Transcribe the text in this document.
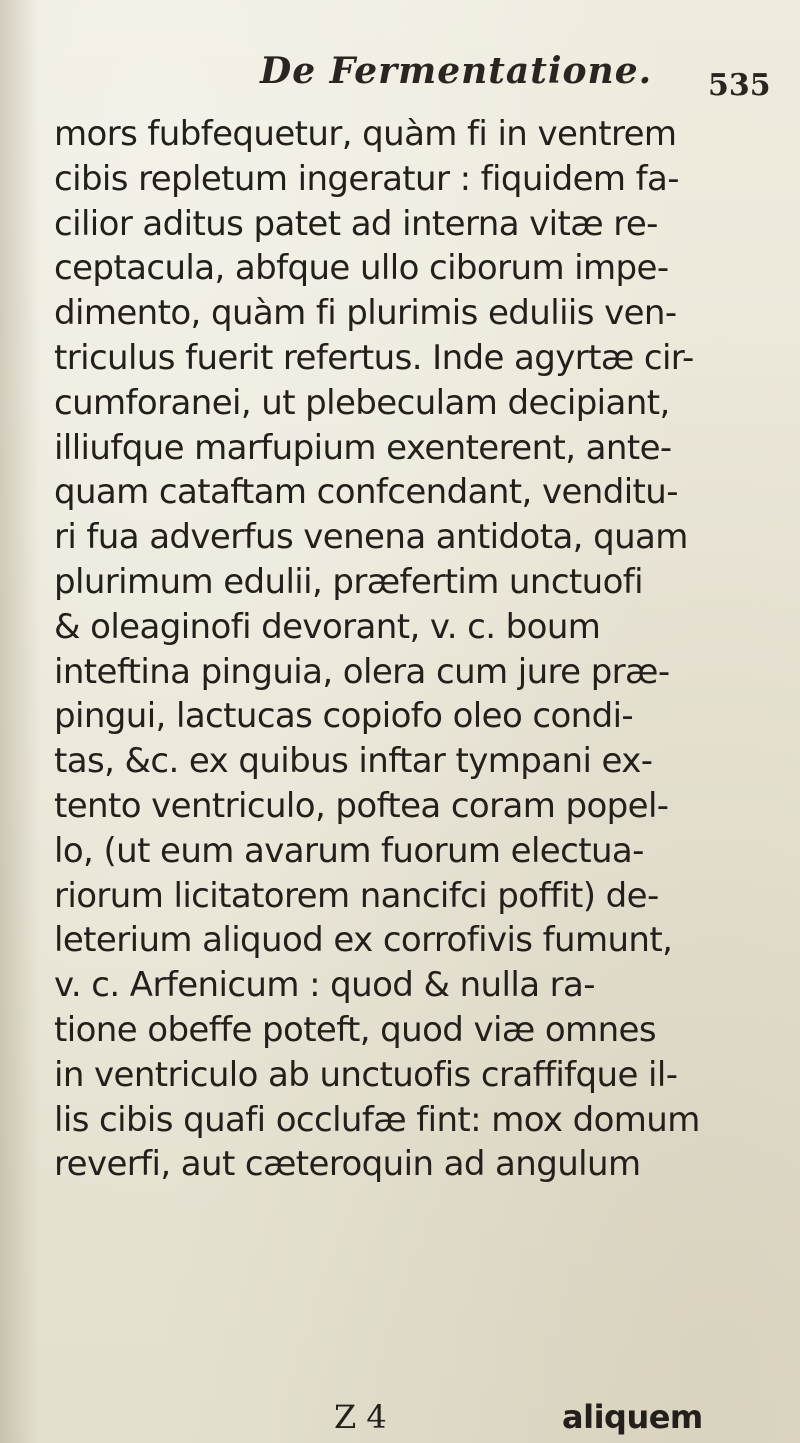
De Fermentatione. 535
mors fubfequetur, quàm fi in ventrem
cibis repletum ingeratur : fiquidem fa-
cilior aditus patet ad interna vitæ re-
ceptacula, abfque ullo ciborum impe-
dimento, quàm fi plurimis eduliis ven-
triculus fuerit refertus. Inde agyrtæ cir-
cumforanei, ut plebeculam decipiant,
illiufque marfupium exenterent, ante-
quam cataftam confcendant, venditu-
ri fua adverfus venena antidota, quam
plurimum edulii, præfertim unctuofi
& oleaginofi devorant, v. c. boum
inteftina pinguia, olera cum jure præ-
pingui, lactucas copiofo oleo condi-
tas, &c. ex quibus inftar tympani ex-
tento ventriculo, poftea coram popel-
lo, (ut eum avarum fuorum electua-
riorum licitatorem nancifci poffit) de-
leterium aliquod ex corrofivis fumunt,
v. c. Arfenicum : quod & nulla ra-
tione obeffe poteft, quod viæ omnes
in ventriculo ab unctuofis craffifque il-
lis cibis quafi occlufæ fint: mox domum
reverfi, aut cæteroquin ad angulum
Z 4	aliquem
